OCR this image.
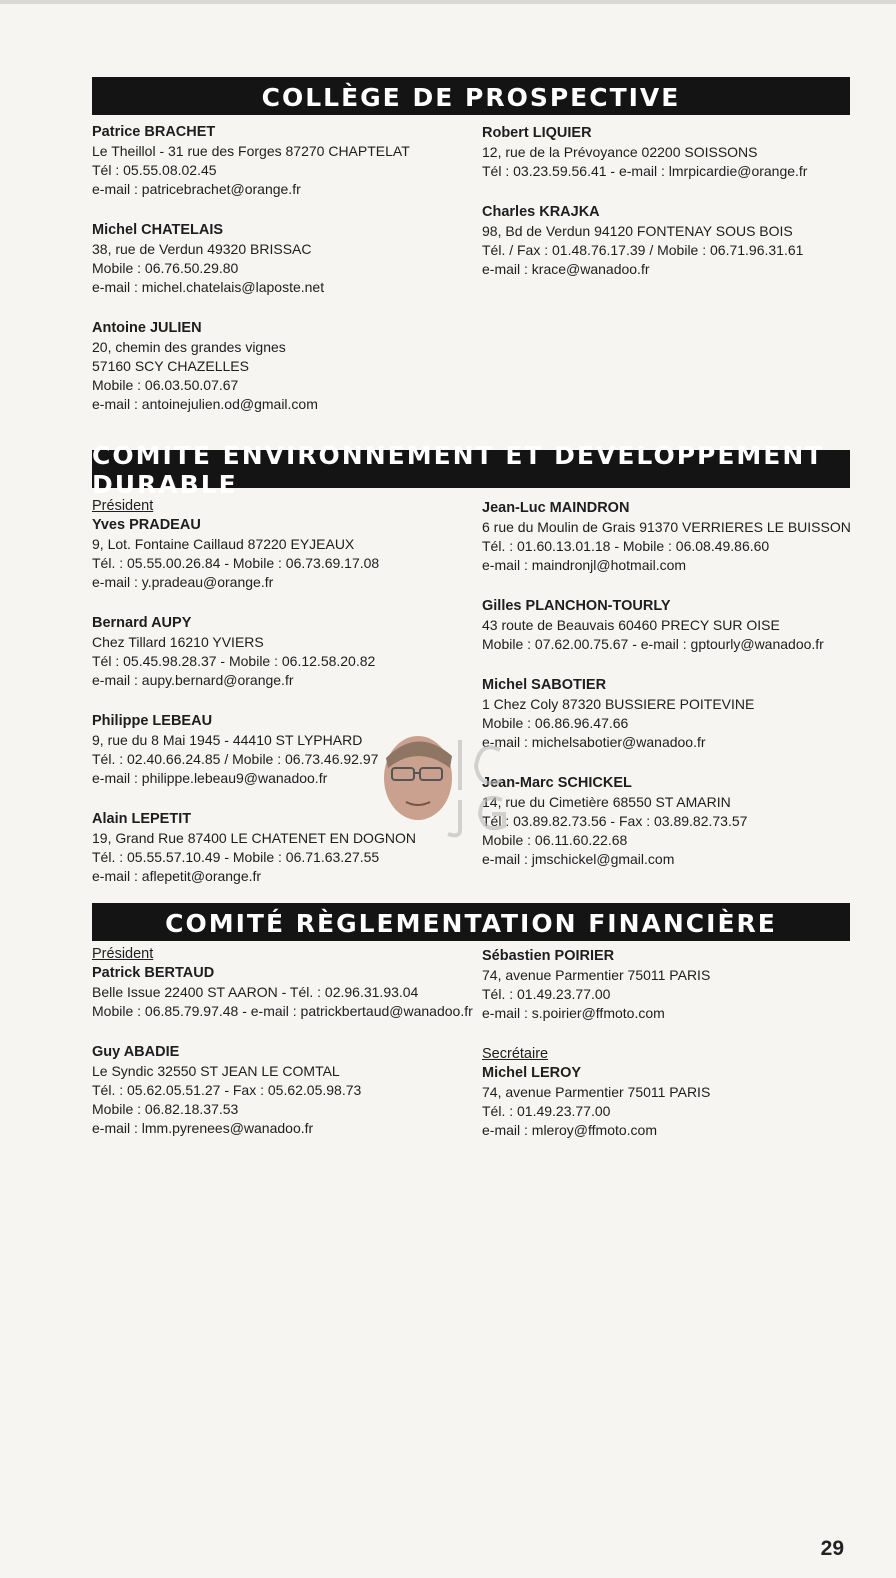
COLLÈGE DE PROSPECTIVE
Patrice BRACHET
Le Theillol - 31 rue des Forges 87270 CHAPTELAT
Tél : 05.55.08.02.45
e-mail : patricebrachet@orange.fr
Michel CHATELAIS
38, rue de Verdun 49320 BRISSAC
Mobile : 06.76.50.29.80
e-mail : michel.chatelais@laposte.net
Antoine JULIEN
20, chemin des grandes vignes
57160 SCY CHAZELLES
Mobile : 06.03.50.07.67
e-mail : antoinejulien.od@gmail.com
Robert LIQUIER
12, rue de la Prévoyance 02200 SOISSONS
Tél : 03.23.59.56.41 - e-mail : lmrpicardie@orange.fr
Charles KRAJKA
98, Bd de Verdun 94120 FONTENAY SOUS BOIS
Tél. / Fax : 01.48.76.17.39 / Mobile : 06.71.96.31.61
e-mail : krace@wanadoo.fr
COMITE ENVIRONNEMENT ET DEVELOPPEMENT DURABLE
Président
Yves PRADEAU
9, Lot. Fontaine Caillaud 87220 EYJEAUX
Tél. : 05.55.00.26.84 - Mobile : 06.73.69.17.08
e-mail : y.pradeau@orange.fr
Bernard AUPY
Chez Tillard 16210 YVIERS
Tél : 05.45.98.28.37 - Mobile : 06.12.58.20.82
e-mail : aupy.bernard@orange.fr
Philippe LEBEAU
9, rue du 8 Mai 1945 - 44410 ST LYPHARD
Tél. : 02.40.66.24.85 / Mobile : 06.73.46.92.97
e-mail : philippe.lebeau9@wanadoo.fr
Alain LEPETIT
19, Grand Rue 87400 LE CHATENET EN DOGNON
Tél. : 05.55.57.10.49 - Mobile : 06.71.63.27.55
e-mail : aflepetit@orange.fr
Jean-Luc MAINDRON
6 rue du Moulin de Grais 91370 VERRIERES LE BUISSON
Tél. : 01.60.13.01.18 - Mobile : 06.08.49.86.60
e-mail : maindronjl@hotmail.com
Gilles PLANCHON-TOURLY
43 route de Beauvais 60460 PRECY SUR OISE
Mobile : 07.62.00.75.67 - e-mail : gptourly@wanadoo.fr
Michel SABOTIER
1 Chez Coly 87320 BUSSIERE POITEVINE
Mobile : 06.86.96.47.66
e-mail : michelsabotier@wanadoo.fr
Jean-Marc SCHICKEL
14, rue du Cimetière 68550 ST AMARIN
Tél : 03.89.82.73.56 - Fax : 03.89.82.73.57
Mobile : 06.11.60.22.68
e-mail : jmschickel@gmail.com
COMITÉ RÈGLEMENTATION FINANCIÈRE
Président
Patrick BERTAUD
Belle Issue 22400 ST AARON - Tél. : 02.96.31.93.04
Mobile : 06.85.79.97.48 - e-mail : patrickbertaud@wanadoo.fr
Guy ABADIE
Le Syndic 32550 ST JEAN LE COMTAL
Tél. : 05.62.05.51.27 - Fax : 05.62.05.98.73
Mobile : 06.82.18.37.53
e-mail : lmm.pyrenees@wanadoo.fr
Sébastien POIRIER
74, avenue Parmentier 75011 PARIS
Tél. : 01.49.23.77.00
e-mail : s.poirier@ffmoto.com
Secrétaire
Michel LEROY
74, avenue Parmentier 75011 PARIS
Tél. : 01.49.23.77.00
e-mail : mleroy@ffmoto.com
29
